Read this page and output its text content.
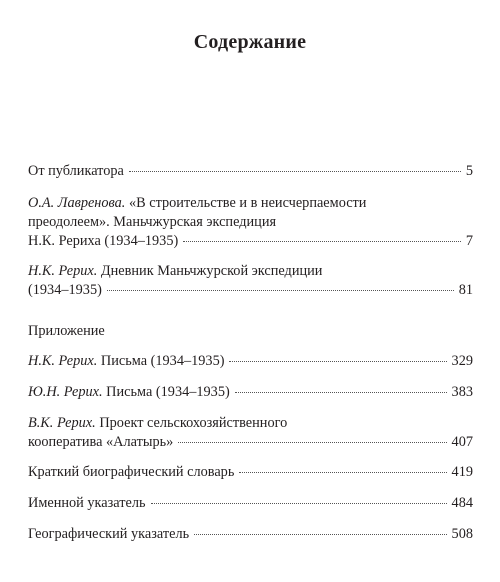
Содержание
От публикатора	5
О.А. Лавренова. «В строительстве и в неисчерпаемости
преодолеем». Маньчжурская экспедиция
Н.К. Рериха (1934–1935)	7
Н.К. Рерих. Дневник Маньчжурской экспедиции
(1934–1935)	81
Приложение
Н.К. Рерих.
Письма (1934–1935)	329
Ю.Н. Рерих.
Письма (1934–1935)	383
В.К. Рерих. Проект сельскохозяйственного
кооператива «Алатырь»	407
Краткий биографический словарь	419
Именной указатель	484
Географический указатель	508
